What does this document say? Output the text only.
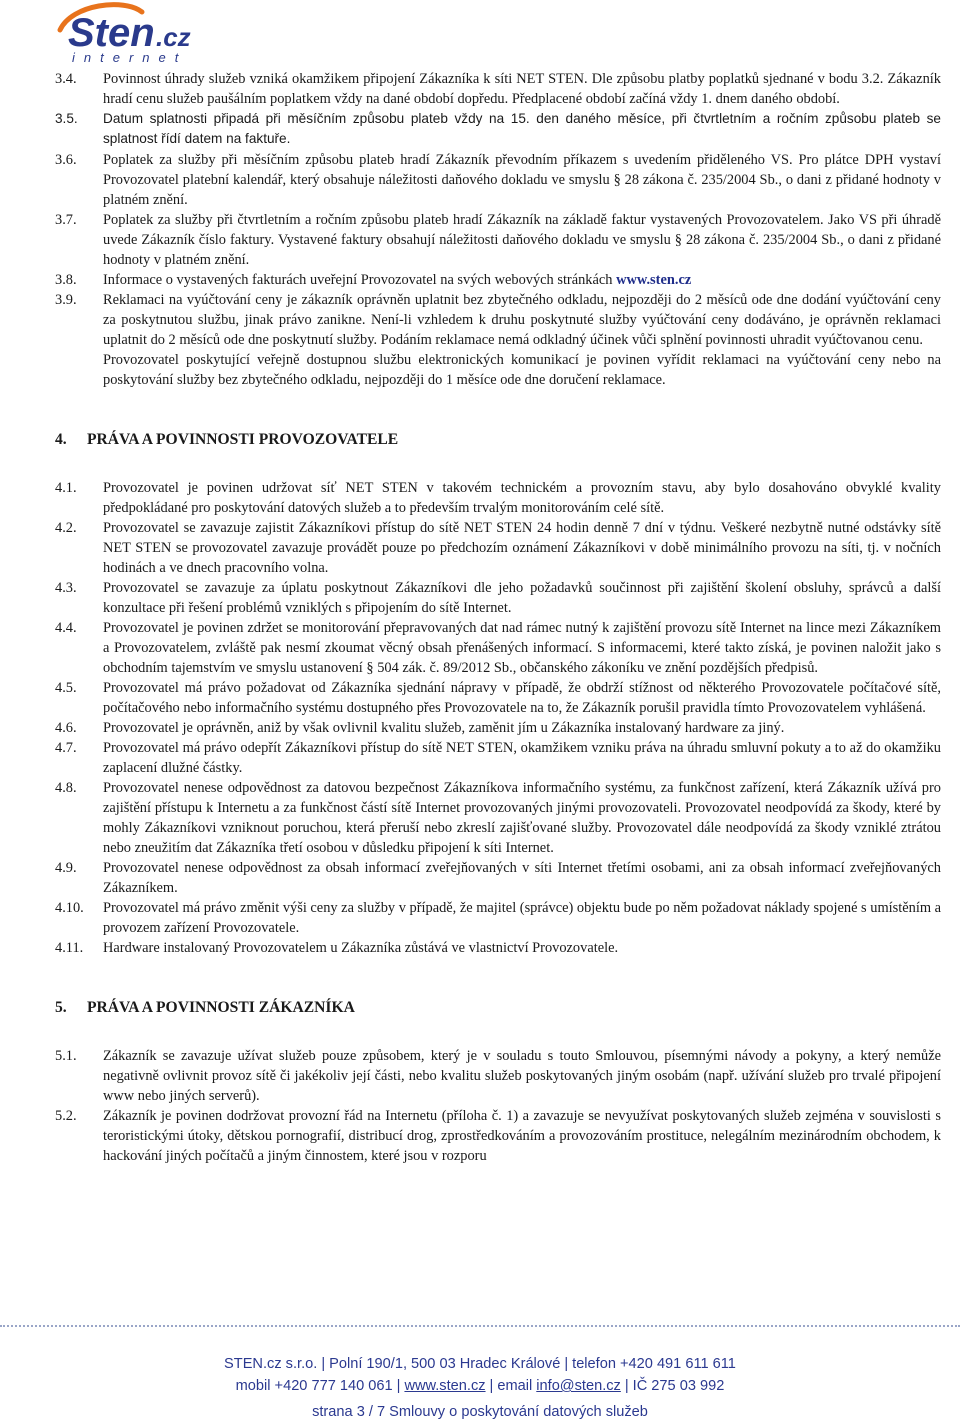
Sten .cz
internet
3.4.	Povinnost úhrady služeb vzniká okamžikem připojení Zákazníka k síti NET STEN. Dle způsobu platby poplatků sjednané v bodu 3.2. Zákazník hradí cenu služeb paušálním poplatkem vždy na dané období dopředu. Předplacené období začíná vždy 1. dnem daného období.
3.5.	Datum splatnosti připadá při měsíčním způsobu plateb vždy na 15. den daného měsíce, při čtvrtletním a ročním způsobu plateb se splatnost řídí datem na faktuře.
3.6.	Poplatek za služby při měsíčním způsobu plateb hradí Zákazník převodním příkazem s uvedením přiděleného VS. Pro plátce DPH vystaví Provozovatel platební kalendář, který obsahuje náležitosti daňového dokladu ve smyslu § 28 zákona č. 235/2004 Sb., o dani z přidané hodnoty v platném znění.
3.7.	Poplatek za služby při čtvrtletním a ročním způsobu plateb hradí Zákazník na základě faktur vystavených Provozovatelem. Jako VS při úhradě uvede Zákazník číslo faktury. Vystavené faktury obsahují náležitosti daňového dokladu ve smyslu § 28 zákona č. 235/2004 Sb., o dani z přidané hodnoty v platném znění.
3.8.	Informace o vystavených fakturách uveřejní Provozovatel na svých webových stránkách www.sten.cz
3.9.	Reklamaci na vyúčtování ceny je zákazník oprávněn uplatnit bez zbytečného odkladu, nejpozději do 2 měsíců ode dne dodání vyúčtování ceny za poskytnutou službu, jinak právo zanikne. Není-li vzhledem k druhu poskytnuté služby vyúčtování ceny dodáváno, je oprávněn reklamaci uplatnit do 2 měsíců ode dne poskytnutí služby. Podáním reklamace nemá odkladný účinek vůči splnění povinnosti uhradit vyúčtovanou cenu.
Provozovatel poskytující veřejně dostupnou službu elektronických komunikací je povinen vyřídit reklamaci na vyúčtování ceny nebo na poskytování služby bez zbytečného odkladu, nejpozději do 1 měsíce ode dne doručení reklamace.
4.	PRÁVA A POVINNOSTI PROVOZOVATELE
4.1.	Provozovatel je povinen udržovat síť NET STEN v takovém technickém a provozním stavu, aby bylo dosahováno obvyklé kvality předpokládané pro poskytování datových služeb a to především trvalým monitorováním celé sítě.
4.2.	Provozovatel se zavazuje zajistit Zákazníkovi přístup do sítě NET STEN 24 hodin denně 7 dní v týdnu. Veškeré nezbytně nutné odstávky sítě NET STEN se provozovatel zavazuje provádět pouze po předchozím oznámení Zákazníkovi v době minimálního provozu na síti, tj. v nočních hodinách a ve dnech pracovního volna.
4.3.	Provozovatel se zavazuje za úplatu poskytnout Zákazníkovi dle jeho požadavků součinnost při zajištění školení obsluhy, správců a další konzultace při řešení problémů vzniklých s připojením do sítě Internet.
4.4.	Provozovatel je povinen zdržet se monitorování přepravovaných dat nad rámec nutný k zajištění provozu sítě Internet na lince mezi Zákazníkem a Provozovatelem, zvláště pak nesmí zkoumat věcný obsah přenášených informací. S informacemi, které takto získá, je povinen naložit jako s obchodním tajemstvím ve smyslu ustanovení § 504 zák. č. 89/2012 Sb., občanského zákoníku ve znění pozdějších předpisů.
4.5.	Provozovatel má právo požadovat od Zákazníka sjednání nápravy v případě, že obdrží stížnost od některého Provozovatele počítačové sítě, počítačového nebo informačního systému dostupného přes Provozovatele na to, že Zákazník porušil pravidla tímto Provozovatelem vyhlášená.
4.6.	Provozovatel je oprávněn, aniž by však ovlivnil kvalitu služeb, zaměnit jím u Zákazníka instalovaný hardware za jiný.
4.7.	Provozovatel má právo odepřít Zákazníkovi přístup do sítě NET STEN, okamžikem vzniku práva na úhradu smluvní pokuty a to až do okamžiku zaplacení dlužné částky.
4.8.	Provozovatel nenese odpovědnost za datovou bezpečnost Zákazníkova informačního systému, za funkčnost zařízení, která Zákazník užívá pro zajištění přístupu k Internetu a za funkčnost částí sítě Internet provozovaných jinými provozovateli. Provozovatel neodpovídá za škody, které by mohly Zákazníkovi vzniknout poruchou, která přeruší nebo zkreslí zajišťované služby. Provozovatel dále neodpovídá za škody vzniklé ztrátou nebo zneužitím dat Zákazníka třetí osobou v důsledku připojení k síti Internet.
4.9.	Provozovatel nenese odpovědnost za obsah informací zveřejňovaných v síti Internet třetími osobami, ani za obsah informací zveřejňovaných Zákazníkem.
4.10.	Provozovatel má právo změnit výši ceny za služby v případě, že majitel (správce) objektu bude po něm požadovat náklady spojené s umístěním a provozem zařízení Provozovatele.
4.11.	Hardware instalovaný Provozovatelem u Zákazníka zůstává ve vlastnictví Provozovatele.
5.	PRÁVA A POVINNOSTI ZÁKAZNÍKA
5.1.	Zákazník se zavazuje užívat služeb pouze způsobem, který je v souladu s touto Smlouvou, písemnými návody a pokyny, a který nemůže negativně ovlivnit provoz sítě či jakékoliv její části, nebo kvalitu služeb poskytovaných jiným osobám (např. užívání služeb pro trvalé připojení www nebo jiných serverů).
5.2.	Zákazník je povinen dodržovat provozní řád na Internetu (příloha č. 1) a zavazuje se nevyužívat poskytovaných služeb zejména v souvislosti s teroristickými útoky, dětskou pornografií, distribucí drog, zprostředkováním a provozováním prostituce, nelegálním mezinárodním obchodem, k hackování jiných počítačů a jiným činnostem, které jsou v rozporu
STEN.cz s.r.o. | Polní 190/1, 500 03 Hradec Králové | telefon +420 491 611 611
mobil +420 777 140 061 | www.sten.cz | email info@sten.cz | IČ 275 03 992
strana 3 / 7 Smlouvy o poskytování datových služeb
